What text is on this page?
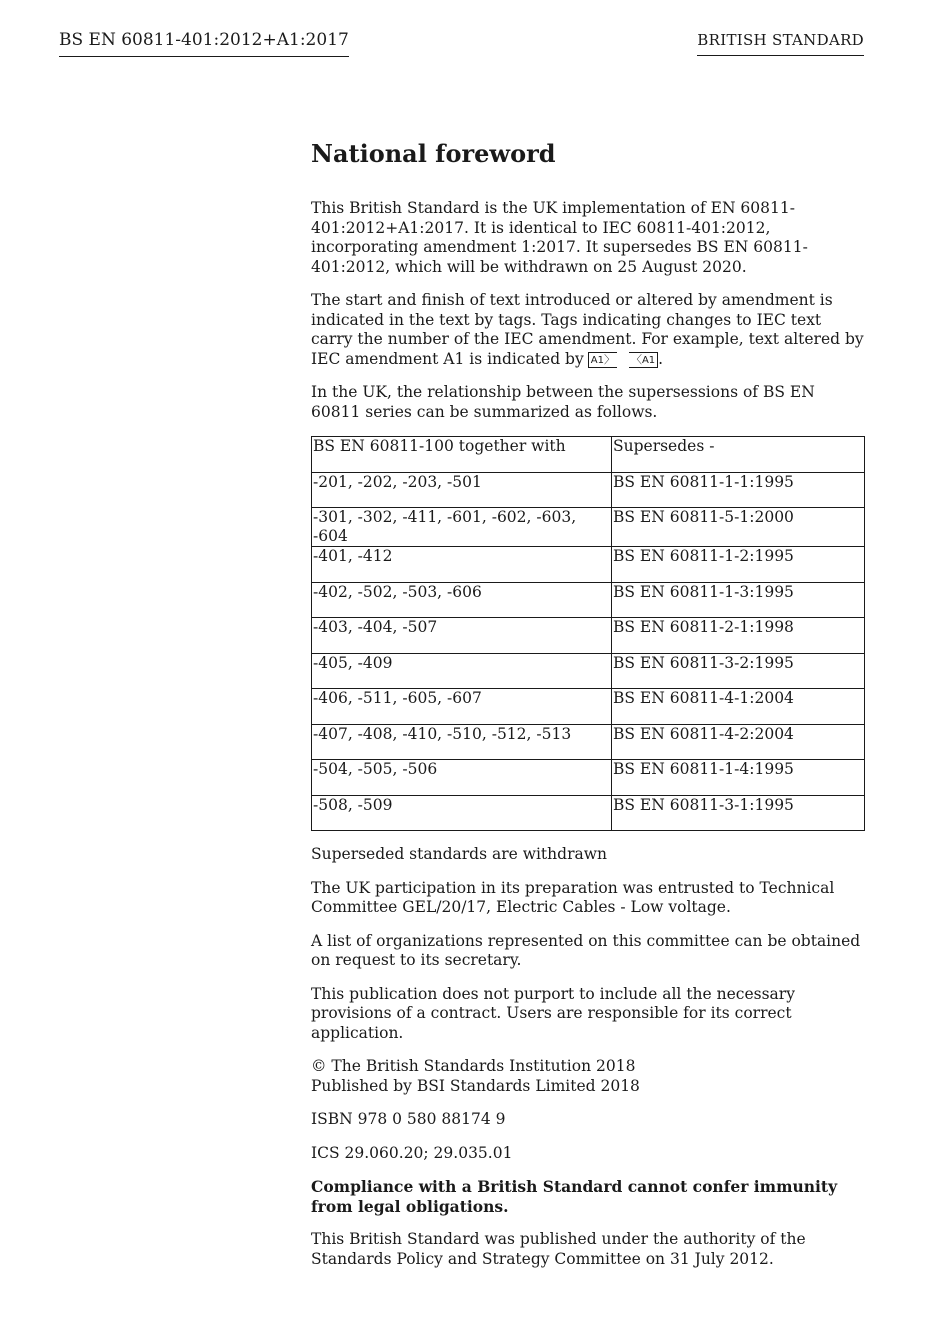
BS EN 60811-401:2012+A1:2017	BRITISH STANDARD
National foreword

This British Standard is the UK implementation of EN 60811-401:2012+A1:2017. It is identical to IEC 60811-401:2012, incorporating amendment 1:2017. It supersedes BS EN 60811-401:2012, which will be withdrawn on 25 August 2020.

The start and finish of text introduced or altered by amendment is indicated in the text by tags. Tags indicating changes to IEC text carry the number of the IEC amendment. For example, text altered by IEC amendment A1 is indicated by A1 〉	〈 A1 .

In the UK, the relationship between the supersessions of BS EN 60811 series can be summarized as follows.

BS EN 60811-100 together with	Supersedes -
-201, -202, -203, -501	BS EN 60811-1-1:1995
-301, -302, -411, -601, -602, -603, -604	BS EN 60811-5-1:2000
-401, -412	BS EN 60811-1-2:1995
-402, -502, -503, -606	BS EN 60811-1-3:1995
-403, -404, -507	BS EN 60811-2-1:1998
-405, -409	BS EN 60811-3-2:1995
-406, -511, -605, -607	BS EN 60811-4-1:2004
-407, -408, -410, -510, -512, -513	BS EN 60811-4-2:2004
-504, -505, -506	BS EN 60811-1-4:1995
-508, -509	BS EN 60811-3-1:1995

Superseded standards are withdrawn

The UK participation in its preparation was entrusted to Technical Committee GEL/20/17, Electric Cables - Low voltage.

A list of organizations represented on this committee can be obtained on request to its secretary.

This publication does not purport to include all the necessary provisions of a contract. Users are responsible for its correct application.

© The British Standards Institution 2018
Published by BSI Standards Limited 2018

ISBN 978 0 580 88174 9

ICS 29.060.20; 29.035.01

Compliance with a British Standard cannot confer immunity from legal obligations.

This British Standard was published under the authority of the Standards Policy and Strategy Committee on 31 July 2012.
